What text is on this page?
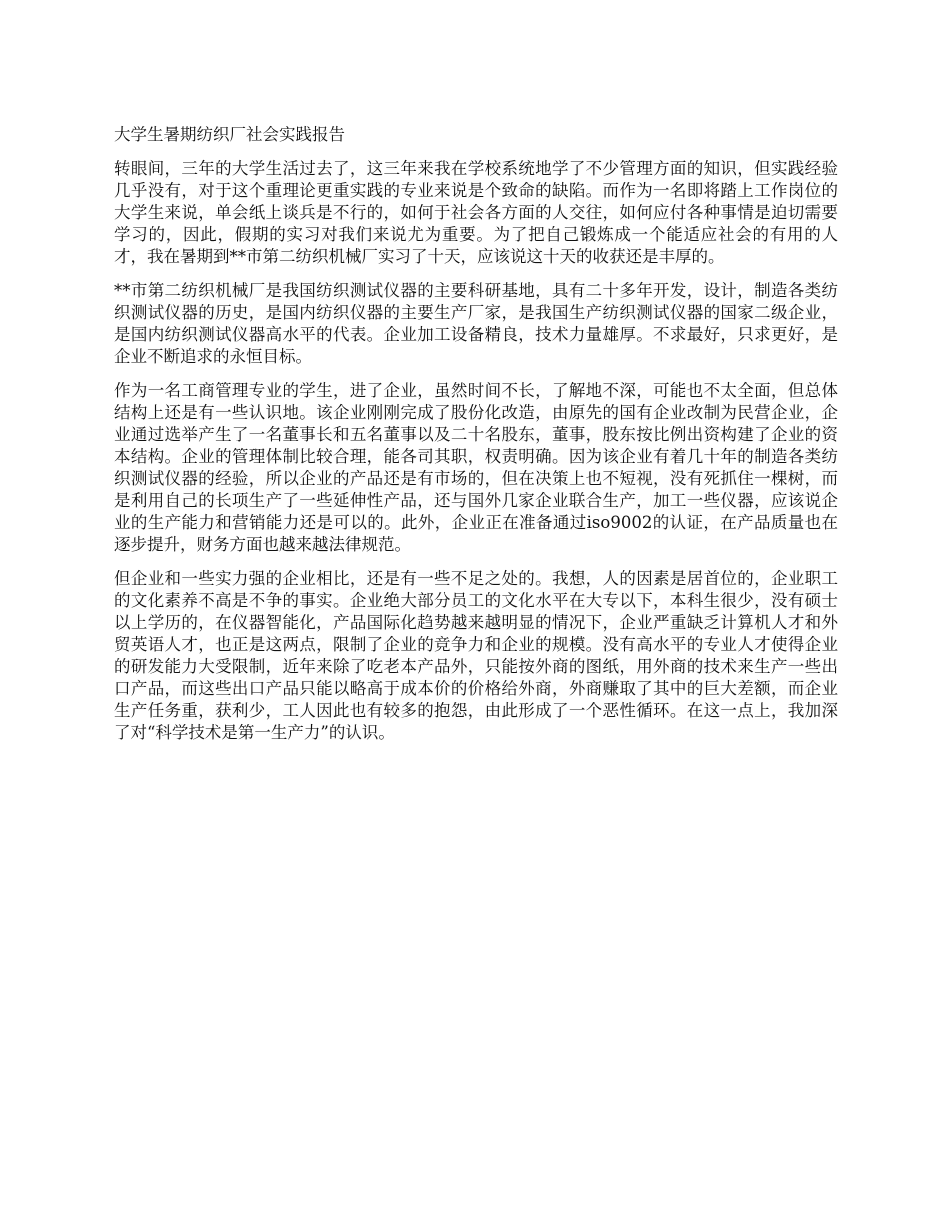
大学生暑期纺织厂社会实践报告

转眼间，三年的大学生活过去了，这三年来我在学校系统地学了不少管理方面的知识，但实践经验几乎没有，对于这个重理论更重实践的专业来说是个致命的缺陷。而作为一名即将踏上工作岗位的大学生来说，单会纸上谈兵是不行的，如何于社会各方面的人交往，如何应付各种事情是迫切需要学习的，因此，假期的实习对我们来说尤为重要。为了把自己锻炼成一个能适应社会的有用的人才，我在暑期到**市第二纺织机械厂实习了十天，应该说这十天的收获还是丰厚的。

**市第二纺织机械厂是我国纺织测试仪器的主要科研基地，具有二十多年开发，设计，制造各类纺织测试仪器的历史，是国内纺织仪器的主要生产厂家，是我国生产纺织测试仪器的国家二级企业，是国内纺织测试仪器高水平的代表。企业加工设备精良，技术力量雄厚。不求最好，只求更好，是企业不断追求的永恒目标。

作为一名工商管理专业的学生，进了企业，虽然时间不长，了解地不深，可能也不太全面，但总体结构上还是有一些认识地。该企业刚刚完成了股份化改造，由原先的国有企业改制为民营企业，企业通过选举产生了一名董事长和五名董事以及二十名股东，董事，股东按比例出资构建了企业的资本结构。企业的管理体制比较合理，能各司其职，权责明确。因为该企业有着几十年的制造各类纺织测试仪器的经验，所以企业的产品还是有市场的，但在决策上也不短视，没有死抓住一棵树，而是利用自己的长项生产了一些延伸性产品，还与国外几家企业联合生产，加工一些仪器，应该说企业的生产能力和营销能力还是可以的。此外，企业正在准备通过iso9002的认证，在产品质量也在逐步提升，财务方面也越来越法律规范。

但企业和一些实力强的企业相比，还是有一些不足之处的。我想，人的因素是居首位的，企业职工的文化素养不高是不争的事实。企业绝大部分员工的文化水平在大专以下，本科生很少，没有硕士以上学历的，在仪器智能化，产品国际化趋势越来越明显的情况下，企业严重缺乏计算机人才和外贸英语人才，也正是这两点，限制了企业的竞争力和企业的规模。没有高水平的专业人才使得企业的研发能力大受限制，近年来除了吃老本产品外，只能按外商的图纸，用外商的技术来生产一些出口产品，而这些出口产品只能以略高于成本价的价格给外商，外商赚取了其中的巨大差额，而企业生产任务重，获利少，工人因此也有较多的抱怨，由此形成了一个恶性循环。在这一点上，我加深了对“科学技术是第一生产力”的认识。
